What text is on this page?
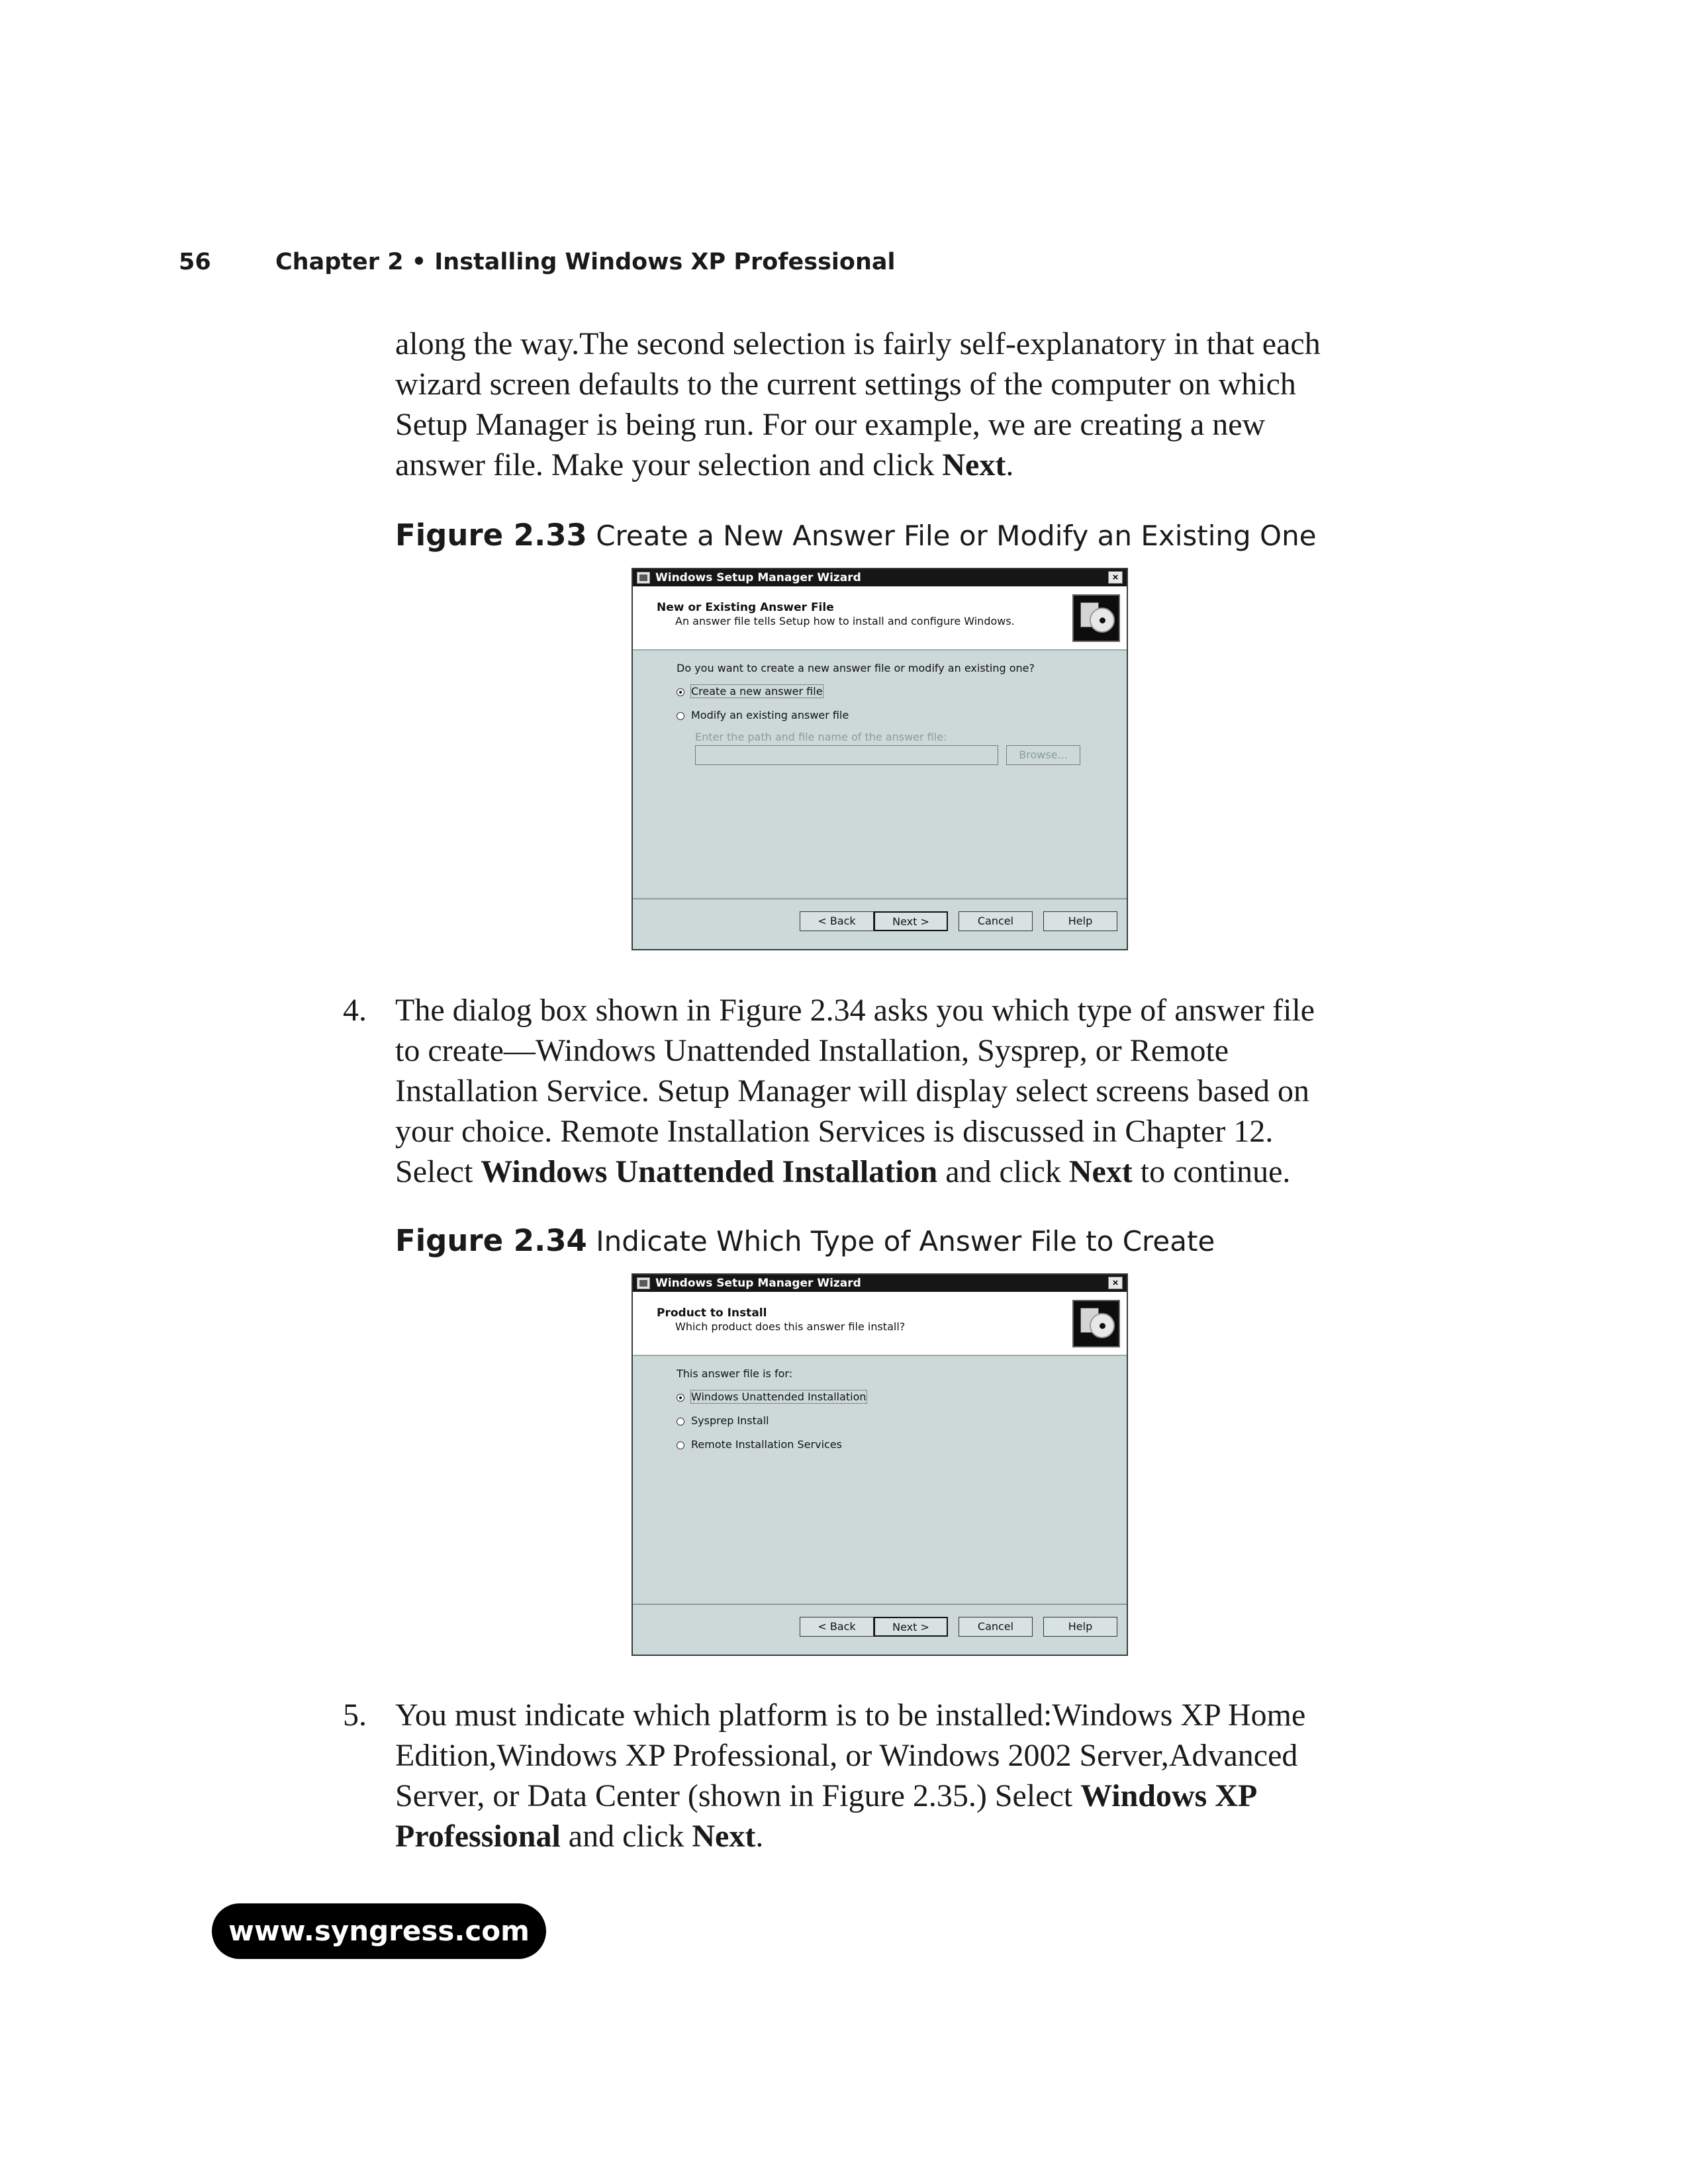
56	Chapter 2 • Installing Windows XP Professional
along the way.The second selection is fairly self-explanatory in that each
wizard screen defaults to the current settings of the computer on which
Setup Manager is being run. For our example, we are creating a new
answer file. Make your selection and click Next.
Figure 2.33 Create a New Answer File or Modify an Existing One
Windows Setup Manager Wizard	×
New or Existing Answer File
An answer file tells Setup how to install and configure Windows.
Do you want to create a new answer file or modify an existing one?
Create a new answer file
Modify an existing answer file
Enter the path and file name of the answer file:
Browse...
< Back	Next >	Cancel	Help
4. The dialog box shown in Figure 2.34 asks you which type of answer file
to create—Windows Unattended Installation, Sysprep, or Remote
Installation Service. Setup Manager will display select screens based on
your choice. Remote Installation Services is discussed in Chapter 12.
Select Windows Unattended Installation and click Next to continue.
Figure 2.34 Indicate Which Type of Answer File to Create
Windows Setup Manager Wizard	×
Product to Install
Which product does this answer file install?
This answer file is for:
Windows Unattended Installation
Sysprep Install
Remote Installation Services
< Back	Next >	Cancel	Help
5. You must indicate which platform is to be installed:Windows XP Home
Edition,Windows XP Professional, or Windows 2002 Server,Advanced
Server, or Data Center (shown in Figure 2.35.) Select Windows XP
Professional and click Next.
www.syngress.com
